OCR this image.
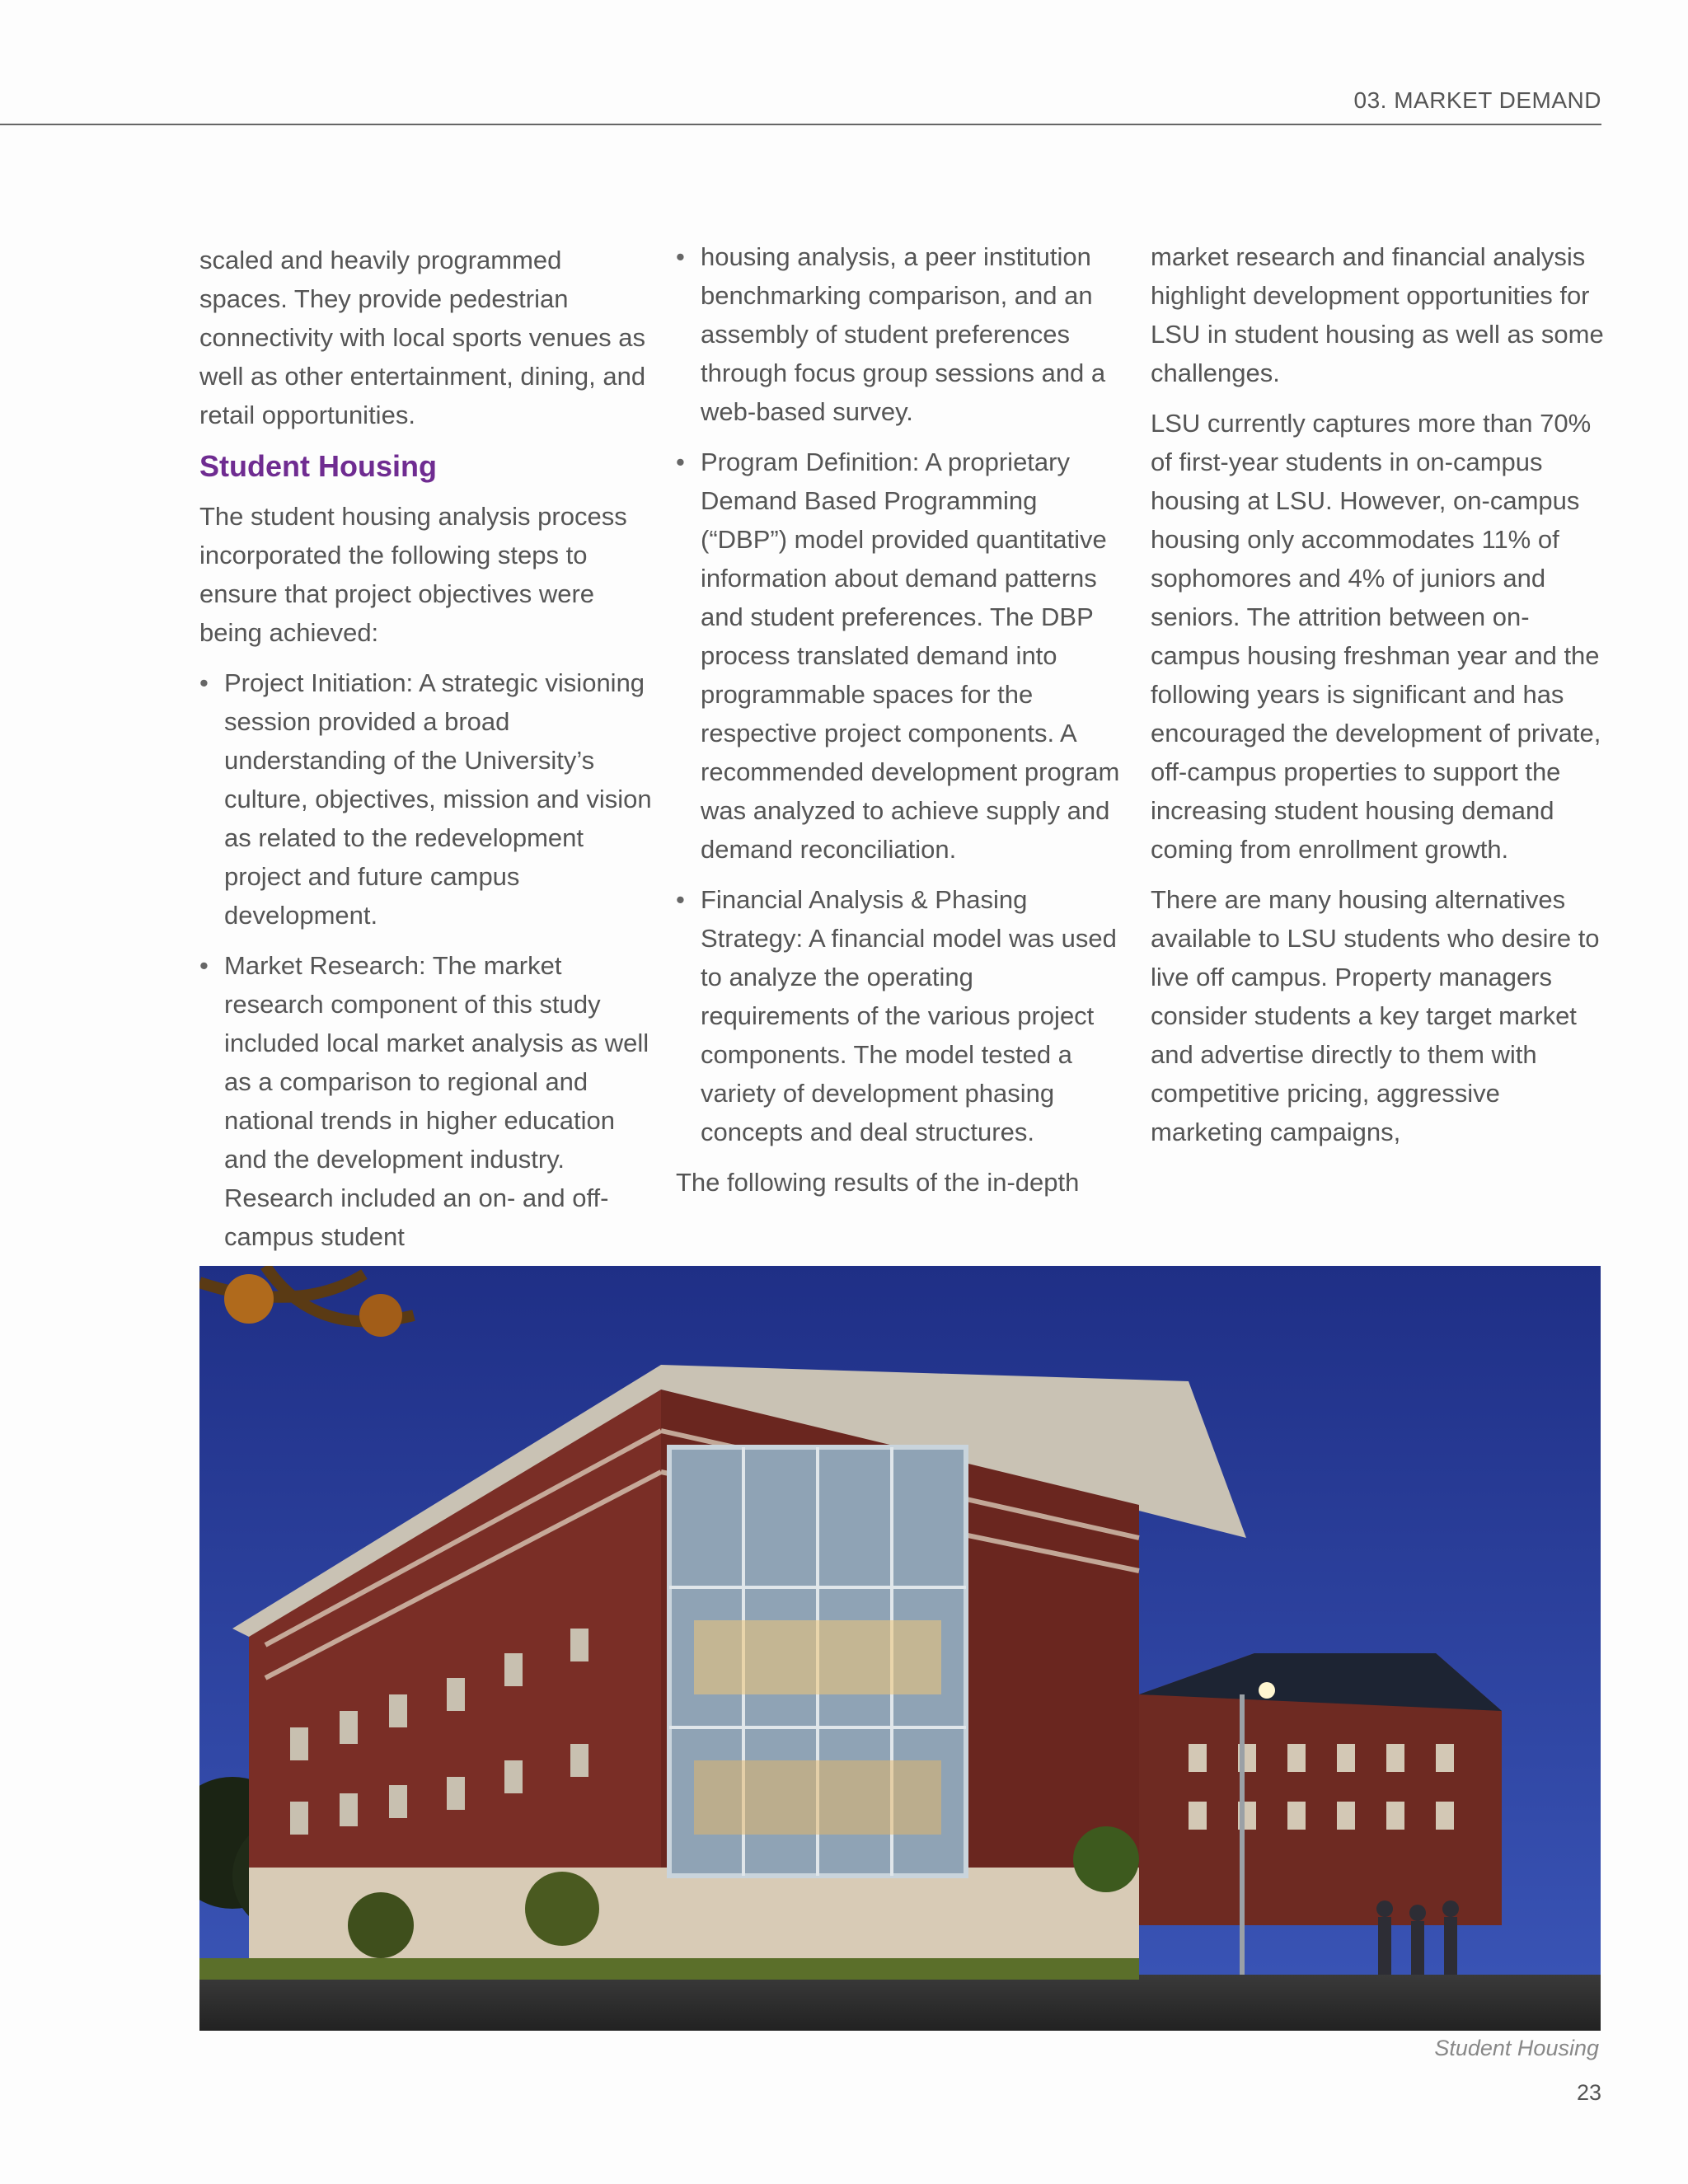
03. MARKET DEMAND

scaled and heavily programmed spaces. They provide pedestrian connectivity with local sports venues as well as other entertainment, dining, and retail opportunities.

Student Housing

The student housing analysis process incorporated the following steps to ensure that project objectives were being achieved:

• Project Initiation: A strategic visioning session provided a broad understanding of the University’s culture, objectives, mission and vision as related to the redevelopment project and future campus development.
• Market Research: The market research component of this study included local market analysis as well as a comparison to regional and national trends in higher education and the development industry. Research included an on- and off-campus student
• housing analysis, a peer institution benchmarking comparison, and an assembly of student preferences through focus group sessions and a web-based survey.
• Program Definition: A proprietary Demand Based Programming (“DBP”) model provided quantitative information about demand patterns and student preferences. The DBP process translated demand into programmable spaces for the respective project components. A recommended development program was analyzed to achieve supply and demand reconciliation.
• Financial Analysis & Phasing Strategy: A financial model was used to analyze the operating requirements of the various project components. The model tested a variety of development phasing concepts and deal structures.

The following results of the in-depth

market research and financial analysis highlight development opportunities for LSU in student housing as well as some challenges.

LSU currently captures more than 70% of first-year students in on-campus housing at LSU. However, on-campus housing only accommodates 11% of sophomores and 4% of juniors and seniors. The attrition between on-campus housing freshman year and the following years is significant and has encouraged the development of private, off-campus properties to support the increasing student housing demand coming from enrollment growth.

There are many housing alternatives available to LSU students who desire to live off campus. Property managers consider students a key target market and advertise directly to them with competitive pricing, aggressive marketing campaigns,

Student Housing
23
